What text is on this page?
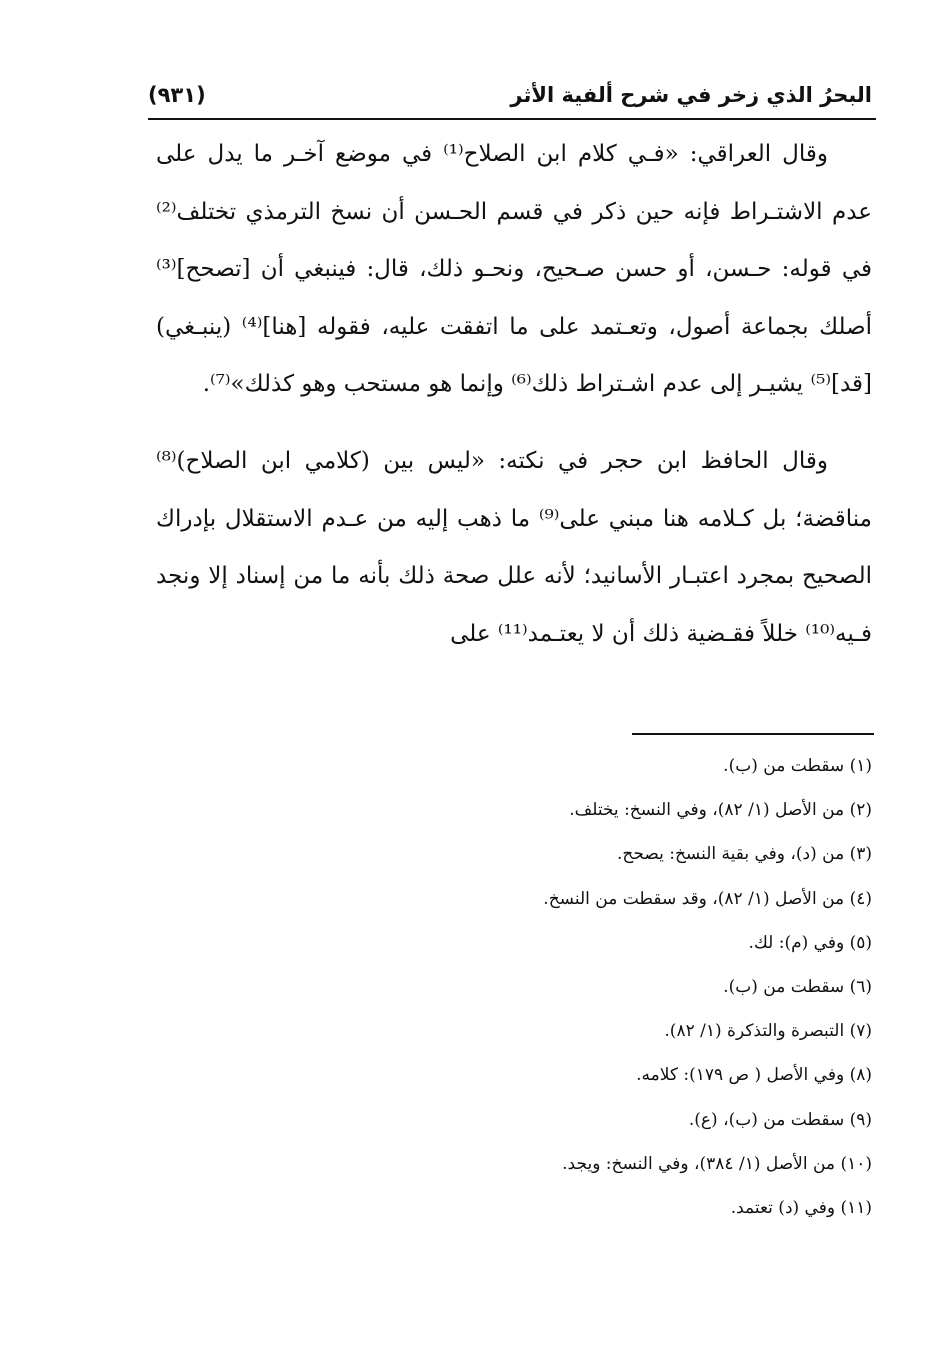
البحرُ الذي زخر في شرح ألفية الأثر
(٩٣١)

وقال العراقي: «فـي كلام ابن الصلاح⁽¹⁾ في موضع آخـر ما يدل على عدم الاشتـراط فإنه حين ذكر في قسم الحـسن أن نسخ الترمذي تختلف⁽²⁾ في قوله: حـسن، أو حسن صـحيح، ونحـو ذلك، قال: فينبغي أن [تصحح]⁽³⁾ أصلك بجماعة أصول، وتعـتمد على ما اتفقت عليه، فقوله [هنا]⁽⁴⁾ (ينبـغي) [قد]⁽⁵⁾ يشيـر إلى عدم اشـتراط ذلك⁽⁶⁾ وإنما هو مستحب وهو كذلك»⁽⁷⁾.

وقال الحافظ ابن حجر في نكته: «ليس بين (كلامي ابن الصلاح)⁽⁸⁾ مناقضة؛ بل كـلامه هنا مبني على⁽⁹⁾ ما ذهب إليه من عـدم الاستقلال بإدراك الصحيح بمجرد اعتبـار الأسانيد؛ لأنه علل صحة ذلك بأنه ما من إسناد إلا ونجد فـيه⁽¹⁰⁾ خللاً فقـضية ذلك أن لا يعتـمد⁽¹¹⁾ على

(١) سقطت من (ب).
(٢) من الأصل (١/ ٨٢)، وفي النسخ: يختلف.
(٣) من (د)، وفي بقية النسخ: يصحح.
(٤) من الأصل (١/ ٨٢)، وقد سقطت من النسخ.
(٥) وفي (م): لك.
(٦) سقطت من (ب).
(٧) التبصرة والتذكرة (١/ ٨٢).
(٨) وفي الأصل ( ص ١٧٩): كلامه.
(٩) سقطت من (ب)، (ع).
(١٠) من الأصل (١/ ٣٨٤)، وفي النسخ: ويجد.
(١١) وفي (د) تعتمد.
